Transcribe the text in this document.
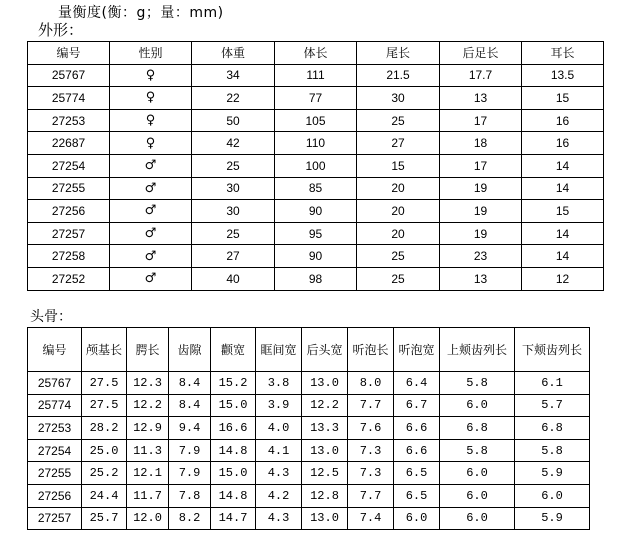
量衡度(衡：g；量：mm)
外形：
编号	性别	体重	体长	尾长	后足长	耳长
25767	♀	34	111	21.5	17.7	13.5
25774	♀	22	77	30	13	15
27253	♀	50	105	25	17	16
22687	♀	42	110	27	18	16
27254	♂	25	100	15	17	14
27255	♂	30	85	20	19	14
27256	♂	30	90	20	19	15
27257	♂	25	95	20	19	14
27258	♂	27	90	25	23	14
27252	♂	40	98	25	13	12
头骨：
编号	颅基长	腭长	齿隙	颧宽	眶间宽	后头宽	听泡长	听泡宽	上颊齿列长	下颊齿列长
25767	27.5	12.3	8.4	15.2	3.8	13.0	8.0	6.4	5.8	6.1
25774	27.5	12.2	8.4	15.0	3.9	12.2	7.7	6.7	6.0	5.7
27253	28.2	12.9	9.4	16.6	4.0	13.3	7.6	6.6	6.8	6.8
27254	25.0	11.3	7.9	14.8	4.1	13.0	7.3	6.6	5.8	5.8
27255	25.2	12.1	7.9	15.0	4.3	12.5	7.3	6.5	6.0	5.9
27256	24.4	11.7	7.8	14.8	4.2	12.8	7.7	6.5	6.0	6.0
27257	25.7	12.0	8.2	14.7	4.3	13.0	7.4	6.0	6.0	5.9
